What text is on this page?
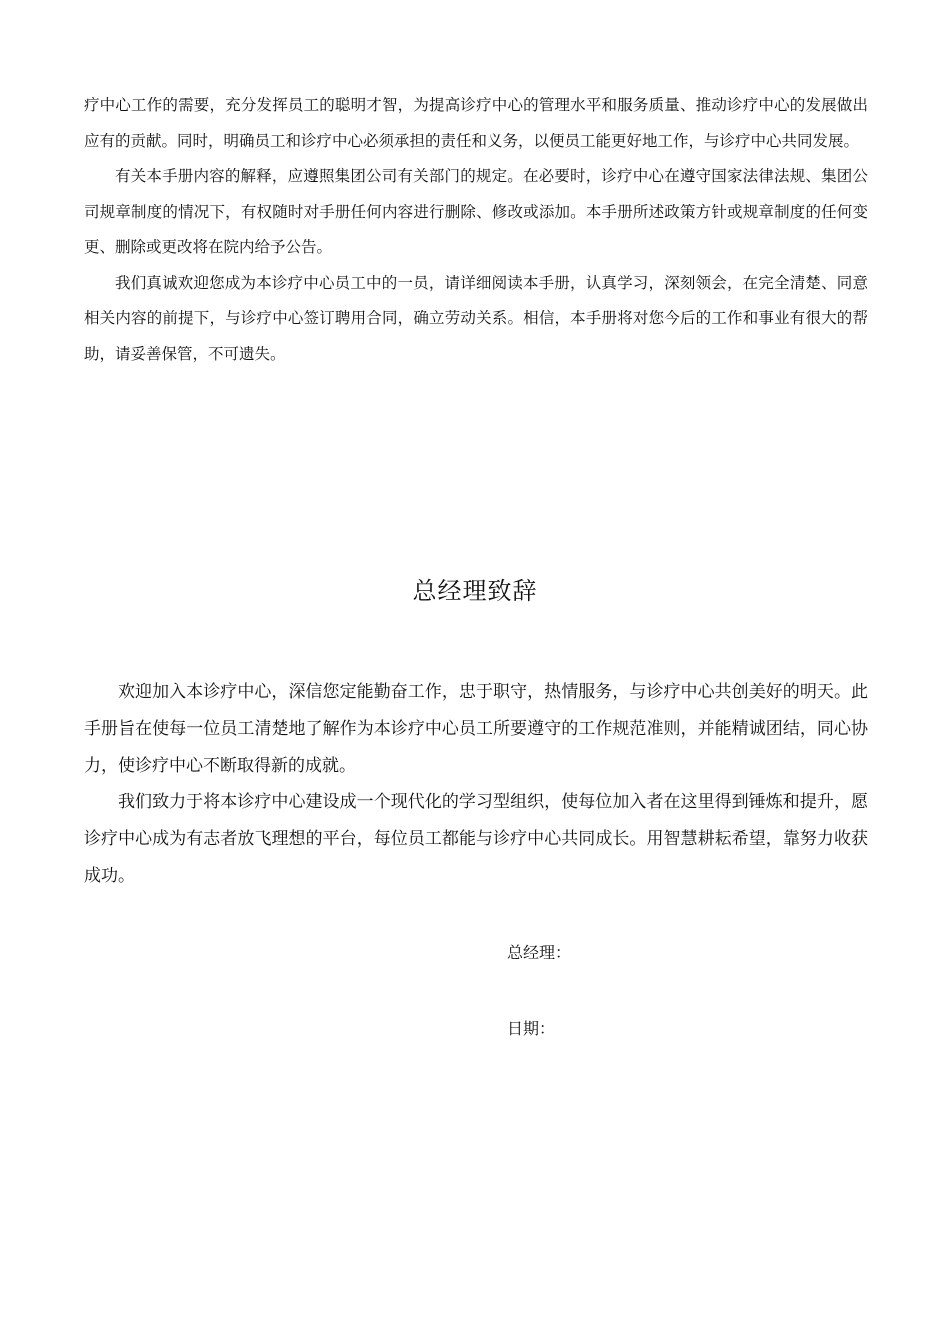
疗中心工作的需要，充分发挥员工的聪明才智，为提高诊疗中心的管理水平和服务质量、推动诊疗中心的发展做出应有的贡献。同时，明确员工和诊疗中心必须承担的责任和义务，以便员工能更好地工作，与诊疗中心共同发展。

有关本手册内容的解释，应遵照集团公司有关部门的规定。在必要时，诊疗中心在遵守国家法律法规、集团公司规章制度的情况下，有权随时对手册任何内容进行删除、修改或添加。本手册所述政策方针或规章制度的任何变更、删除或更改将在院内给予公告。

我们真诚欢迎您成为本诊疗中心员工中的一员，请详细阅读本手册，认真学习，深刻领会，在完全清楚、同意相关内容的前提下，与诊疗中心签订聘用合同，确立劳动关系。相信，本手册将对您今后的工作和事业有很大的帮助，请妥善保管，不可遗失。

总经理致辞

欢迎加入本诊疗中心，深信您定能勤奋工作，忠于职守，热情服务，与诊疗中心共创美好的明天。此手册旨在使每一位员工清楚地了解作为本诊疗中心员工所要遵守的工作规范准则，并能精诚团结，同心协力，使诊疗中心不断取得新的成就。

我们致力于将本诊疗中心建设成一个现代化的学习型组织，使每位加入者在这里得到锤炼和提升，愿诊疗中心成为有志者放飞理想的平台，每位员工都能与诊疗中心共同成长。用智慧耕耘希望，靠努力收获成功。

总经理：
日期：
